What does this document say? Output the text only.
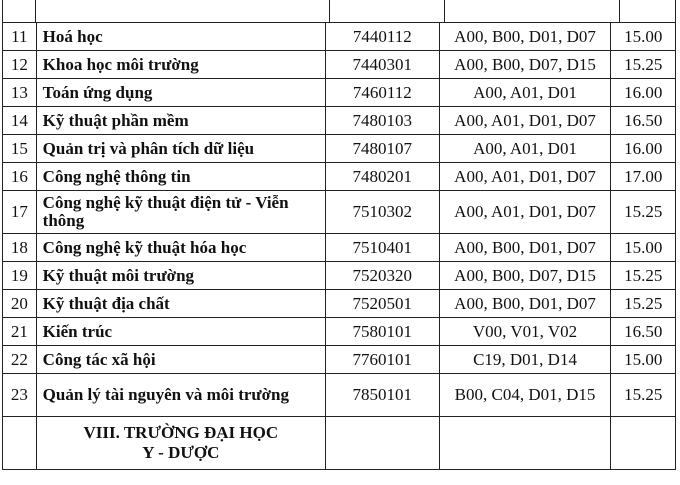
11	Hoá học	7440112	A00, B00, D01, D07	15.00
12	Khoa học môi trường	7440301	A00, B00, D07, D15	15.25
13	Toán ứng dụng	7460112	A00, A01, D01	16.00
14	Kỹ thuật phần mềm	7480103	A00, A01, D01, D07	16.50
15	Quản trị và phân tích dữ liệu	7480107	A00, A01, D01	16.00
16	Công nghệ thông tin	7480201	A00, A01, D01, D07	17.00
17	Công nghệ kỹ thuật điện tử - Viễn thông	7510302	A00, A01, D01, D07	15.25
18	Công nghệ kỹ thuật hóa học	7510401	A00, B00, D01, D07	15.00
19	Kỹ thuật môi trường	7520320	A00, B00, D07, D15	15.25
20	Kỹ thuật địa chất	7520501	A00, B00, D01, D07	15.25
21	Kiến trúc	7580101	V00, V01, V02	16.50
22	Công tác xã hội	7760101	C19, D01, D14	15.00
23	Quản lý tài nguyên và môi trường	7850101	B00, C04, D01, D15	15.25

	VIII. TRƯỜNG ĐẠI HỌC
Y - DƯỢC			
